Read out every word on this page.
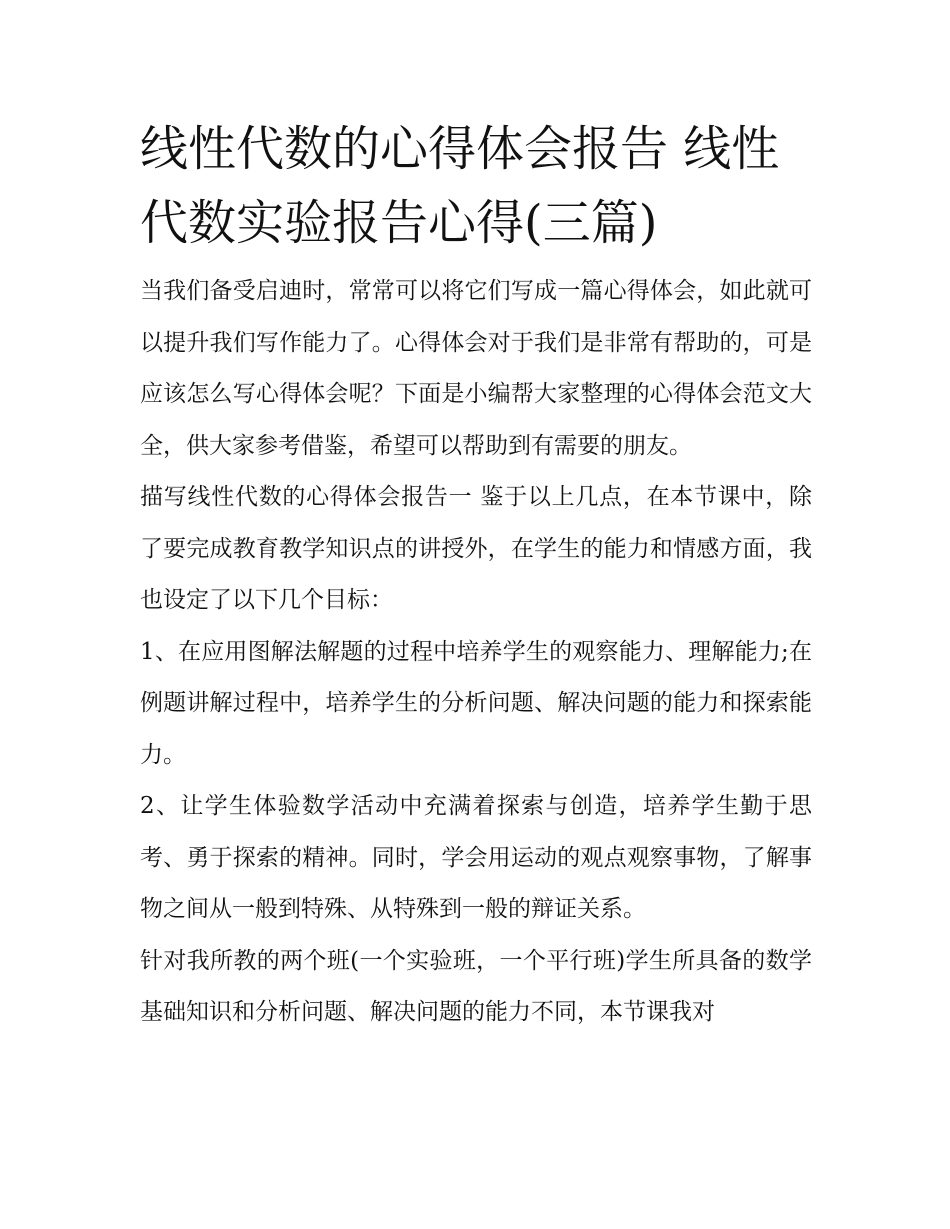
线性代数的心得体会报告 线性代数实验报告心得(三篇)

当我们备受启迪时，常常可以将它们写成一篇心得体会，如此就可以提升我们写作能力了。心得体会对于我们是非常有帮助的，可是应该怎么写心得体会呢？下面是小编帮大家整理的心得体会范文大全，供大家参考借鉴，希望可以帮助到有需要的朋友。

描写线性代数的心得体会报告一 鉴于以上几点，在本节课中，除了要完成教育教学知识点的讲授外，在学生的能力和情感方面，我也设定了以下几个目标：

1、在应用图解法解题的过程中培养学生的观察能力、理解能力;在例题讲解过程中，培养学生的分析问题、解决问题的能力和探索能力。

2、让学生体验数学活动中充满着探索与创造，培养学生勤于思考、勇于探索的精神。同时，学会用运动的观点观察事物，了解事物之间从一般到特殊、从特殊到一般的辩证关系。

针对我所教的两个班(一个实验班，一个平行班)学生所具备的数学基础知识和分析问题、解决问题的能力不同，本节课我对
